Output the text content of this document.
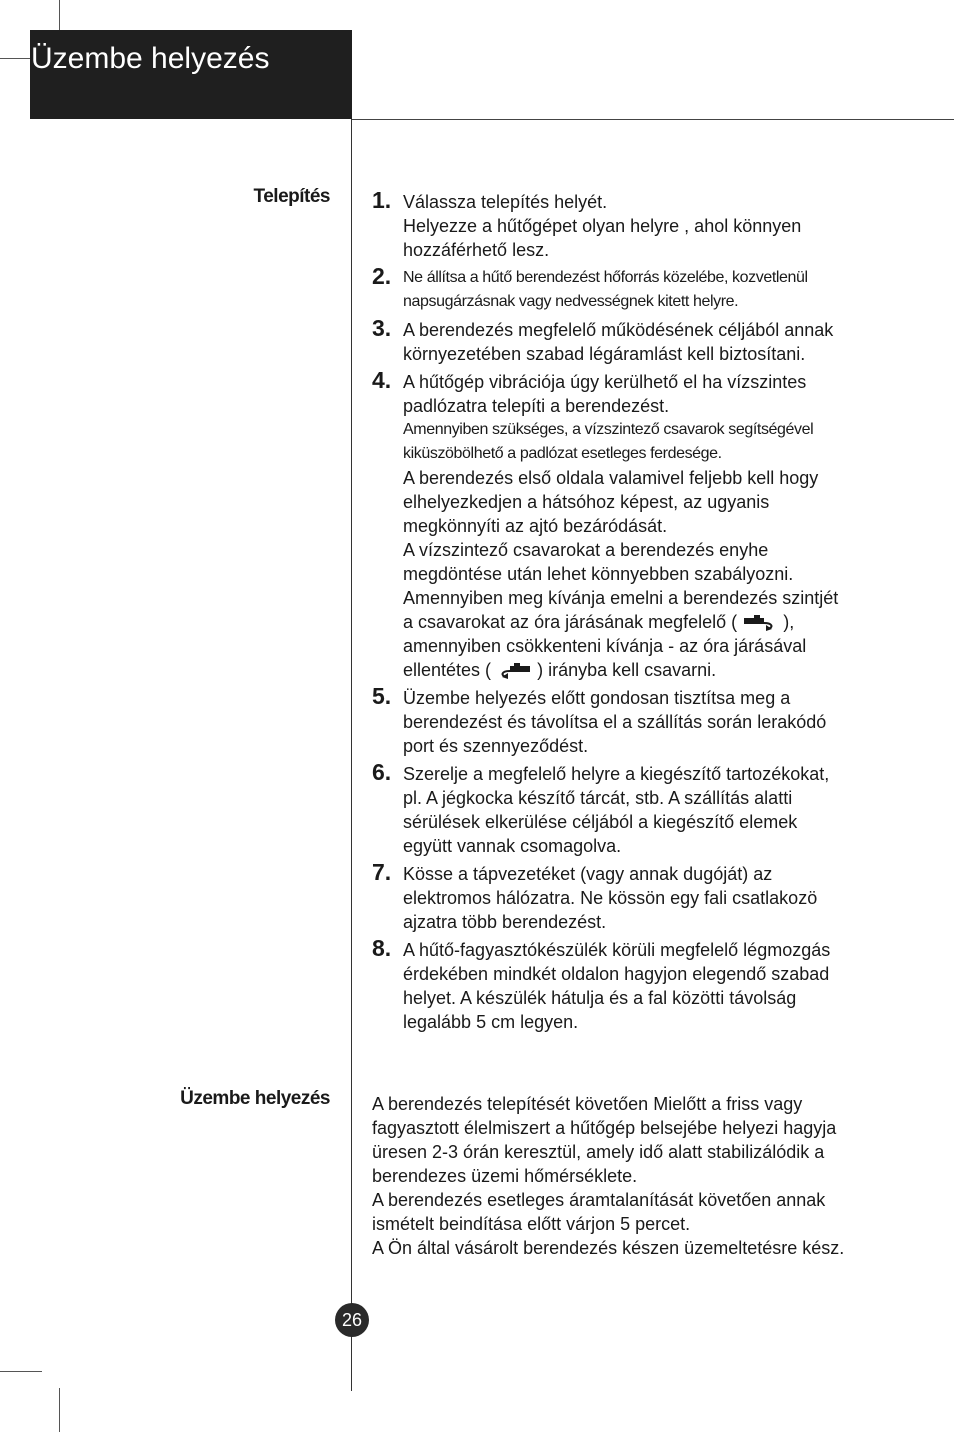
Üzembe helyezés
Telepítés
Üzembe helyezés
1. Válassza telepítés helyét.
Helyezze a hűtőgépet olyan helyre , ahol könnyen
hozzáférhető lesz.
2. Ne állítsa a hűtő berendezést hőforrás közelébe, kozvetlenül
napsugárzásnak vagy nedvességnek kitett helyre.
3. A berendezés megfelelő működésének céljából annak
környezetében szabad légáramlást kell biztosítani.
4. A hűtőgép vibrációja úgy kerülhető el ha vízszintes
padlózatra telepíti a berendezést.
Amennyiben szükséges, a vízszintező csavarok segítségével
kiküszöbölhető a padlózat esetleges ferdesége.
A berendezés első oldala valamivel feljebb kell hogy
elhelyezkedjen a hátsóhoz képest, az ugyanis
megkönnyíti az ajtó bezáródását.
A vízszintező csavarokat a berendezés enyhe
megdöntése után lehet könnyebben szabályozni.
Amennyiben meg kívánja emelni a berendezés szintjét
a csavarokat az óra járásának megfelelő (	),
amennyiben csökkenteni kívánja - az óra járásával
ellentétes (	) irányba kell csavarni.
5. Üzembe helyezés előtt gondosan tisztítsa meg a
berendezést és távolítsa el a szállítás során lerakódó
port és szennyeződést.
6. Szerelje a megfelelő helyre a kiegészítő tartozékokat,
pl. A jégkocka készítő tárcát, stb. A szállítás alatti
sérülések elkerülése céljából a kiegészítő elemek
együtt vannak csomagolva.
7. Kösse a tápvezetéket (vagy annak dugóját) az
elektromos hálózatra. Ne kössön egy fali csatlakozö
ajzatra több berendezést.
8. A hűtő-fagyasztókészülék körüli megfelelő légmozgás
érdekében mindkét oldalon hagyjon elegendő szabad
helyet. A készülék hátulja és a fal közötti távolság
legalább 5 cm legyen.
A berendezés telepítését követően Mielőtt a friss vagy
fagyasztott élelmiszert a hűtőgép belsejébe helyezi hagyja
üresen 2-3 órán keresztül, amely idő alatt stabilizálódik a
berendezes üzemi hőmérséklete.
A berendezés esetleges áramtalanítását követően annak
ismételt beindítása előtt várjon 5 percet.
A Ön által vásárolt berendezés készen üzemeltetésre kész.
26
